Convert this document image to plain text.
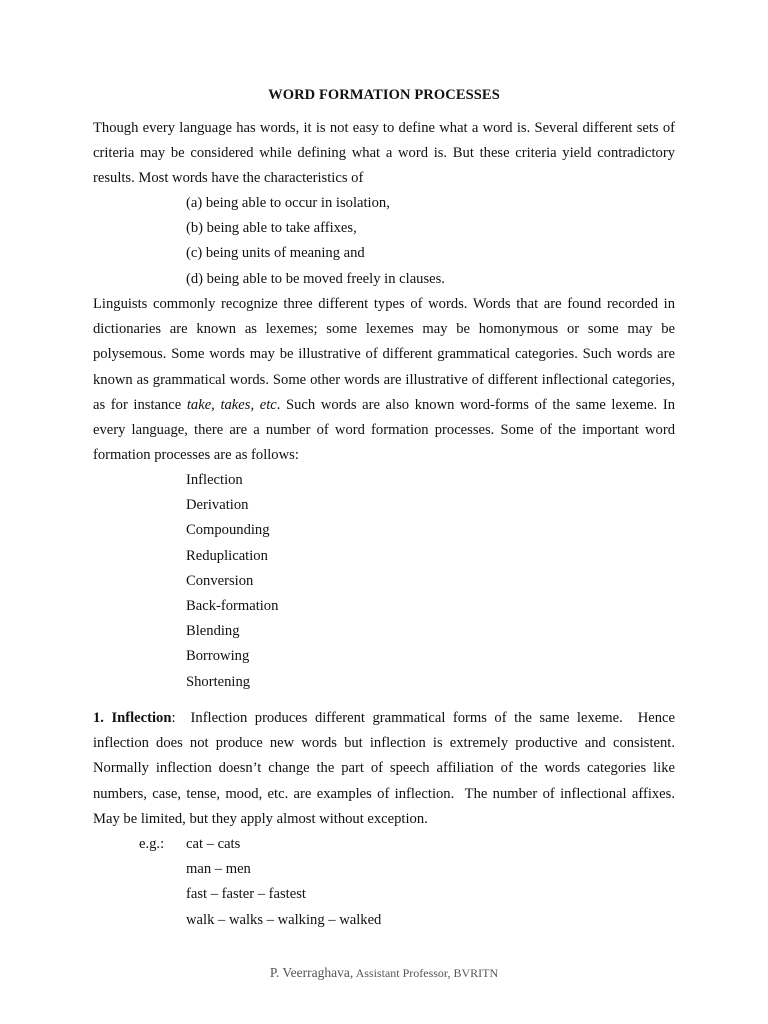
WORD FORMATION PROCESSES
Though every language has words, it is not easy to define what a word is. Several different sets of criteria may be considered while defining what a word is. But these criteria yield contradictory results. Most words have the characteristics of
(a) being able to occur in isolation,
(b) being able to take affixes,
(c) being units of meaning and
(d) being able to be moved freely in clauses.
Linguists commonly recognize three different types of words. Words that are found recorded in dictionaries are known as lexemes; some lexemes may be homonymous or some may be polysemous. Some words may be illustrative of different grammatical categories. Such words are known as grammatical words. Some other words are illustrative of different inflectional categories, as for instance take, takes, etc. Such words are also known word-forms of the same lexeme. In every language, there are a number of word formation processes. Some of the important word formation processes are as follows:
Inflection
Derivation
Compounding
Reduplication
Conversion
Back-formation
Blending
Borrowing
Shortening
1. Inflection:  Inflection produces different grammatical forms of the same lexeme.  Hence inflection does not produce new words but inflection is extremely productive and consistent.  Normally inflection doesn’t change the part of speech affiliation of the words categories like numbers, case, tense, mood, etc. are examples of inflection.  The number of inflectional affixes. May be limited, but they apply almost without exception.
e.g.: cat – cats
man – men
fast – faster – fastest
walk – walks – walking – walked
P. Veerraghava, Assistant Professor, BVRITN
